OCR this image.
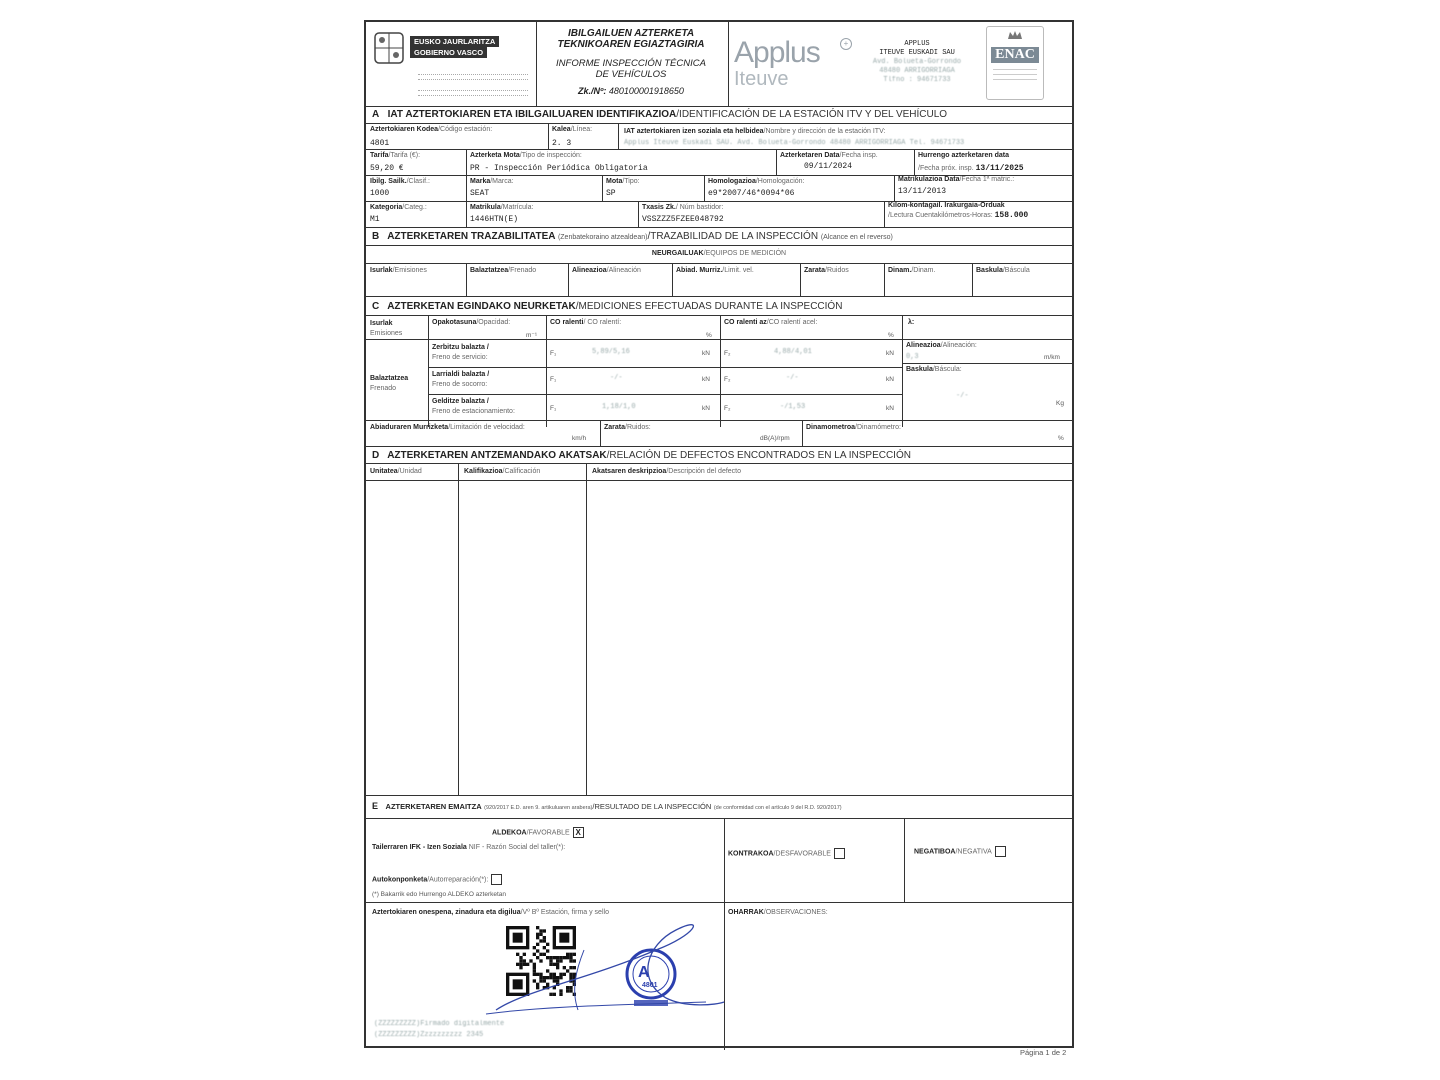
EUSKO JAURLARITZA
GOBIERNO VASCO
IBILGAILUEN AZTERKETA
TEKNIKOAREN EGIAZTAGIRIA
INFORME INSPECCIÓN TÉCNICA
DE VEHÍCULOS
Zk./Nº: 480100001918650
Applus
Iteuve
+	APPLUS
ITEUVE EUSKADI SAU
Avd. Bolueta-Gorrondo
48480 ARRIGORRIAGA
Tlfno : 94671733
ENAC
A IAT AZTERTOKIAREN ETA IBILGAILUAREN IDENTIFIKAZIOA/IDENTIFICACIÓN DE LA ESTACIÓN ITV Y DEL VEHÍCULO
Aztertokiaren Kodea/Código estación:
4801
Kalea/Línea:
2. 3
IAT aztertokiaren izen soziala eta helbidea/Nombre y dirección de la estación ITV:
Applus Iteuve Euskadi SAU. Avd. Bolueta-Gorrondo 48480 ARRIGORRIAGA Tel. 94671733
Tarifa/Tarifa (€):
59,20 €
Azterketa Mota/Tipo de inspección:
PR - Inspección Periódica Obligatoria
Azterketaren Data/Fecha insp.
09/11/2024
Hurrengo azterketaren data
/Fecha próx. insp. 13/11/2025
Ibilg. Sailk./Clasif.:
1000
Marka/Marca:
SEAT
Mota/Tipo:
SP
Homologazioa/Homologación:
e9*2007/46*0094*06
Matrikulazioa Data/Fecha 1ª matric.:
13/11/2013
Kategoria/Categ.:
M1
Matrikula/Matrícula:
1446HTN(E)
Txasis Zk./ Núm bastidor:
VSSZZZ5FZEE048792
Kilom-kontagail. Irakurgaia-Orduak
/Lectura Cuentakilómetros-Horas: 158.000
B AZTERKETAREN TRAZABILITATEA (Zenbatekoraino atzealdean)/TRAZABILIDAD DE LA INSPECCIÓN (Alcance en el reverso)
NEURGAILUAK/EQUIPOS DE MEDICIÓN
C AZTERKETAN EGINDAKO NEURKETAK/MEDICIONES EFECTUADAS DURANTE LA INSPECCIÓN
Isurlak
Emisiones
Opakotasuna/Opacidad:
m⁻¹
CO ralenti/ CO ralentí:
%
CO ralenti az/CO ralentí acel:
%
λ:
Balaztatzea
Frenado
Zerbitzu balazta /
Freno de servicio:
F₁	5,89/5,16	kN F₂	4,88/4,01	kN
Larrialdi balazta /
Freno de socorro:
F₁	-/-	kN F₂	-/-	kN
Gelditze balazta /
Freno de estacionamiento:	F₁	1,18/1,0	kN F₂	-/1,53	kN
Alineazioa/Alineación:
0,3	m/km
Baskula/Báscula:
-/-
Kg
Abiaduraren Murrizketa/Limitación de velocidad:
km/h
Zarata/Ruidos:
dB(A)/rpm
Dinamometroa/Dinamómetro:
%
D AZTERKETAREN ANTZEMANDAKO AKATSAK/RELACIÓN DE DEFECTOS ENCONTRADOS EN LA INSPECCIÓN
Unitatea/Unidad	Kalifikazioa/Calificación	Akatsaren deskripzioa/Descripción del defecto
E AZTERKETAREN EMAITZA (920/2017 E.D. aren 9. artikuluaren arabera)/RESULTADO DE LA INSPECCIÓN (de conformidad con el artículo 9 del R.D. 920/2017)
ALDEKOA/FAVORABLE X
Tailerraren IFK - Izen Soziala NIF - Razón Social del taller(*):
Autokonponketa/Autorreparación(*):
(*) Bakarrik edo Hurrengo ALDEKO azterketan
KONTRAKOA/DESFAVORABLE	NEGATIBOA/NEGATIVA
Aztertokiaren onespena, zinadura eta digilua/Vº Bº Estación, firma y sello	OHARRAK/OBSERVACIONES:
A
4801
(ZZZZZZZZZ)Firmado digitalmente
(ZZZZZZZZZ)Zzzzzzzzzz 2345
Isurlak/Emisiones	Balaztatzea/Frenado	Alineazioa/Alineación	Abiad. Murriz./Limit. vel.	Zarata/Ruidos	Dinam./Dinam.	Baskula/Báscula
Página 1 de 2
